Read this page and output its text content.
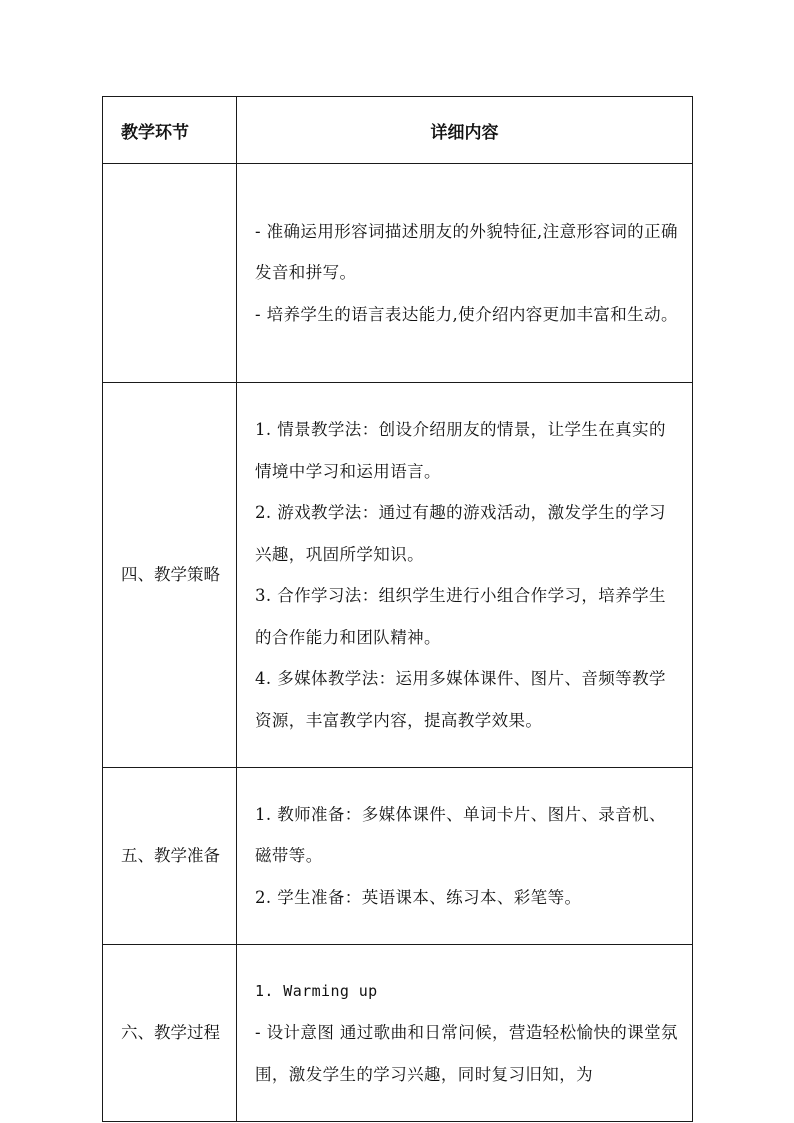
教学环节	详细内容

	- 准确运用形容词描述朋友的外貌特征,注意形容词的正确发音和拼写。

- 培养学生的语言表达能力,使介绍内容更加丰富和生动。

四、教学策略	1. 情景教学法：创设介绍朋友的情景，让学生在真实的情境中学习和运用语言。

2. 游戏教学法：通过有趣的游戏活动，激发学生的学习兴趣，巩固所学知识。

3. 合作学习法：组织学生进行小组合作学习，培养学生的合作能力和团队精神。

4. 多媒体教学法：运用多媒体课件、图片、音频等教学资源，丰富教学内容，提高教学效果。

五、教学准备	1. 教师准备：多媒体课件、单词卡片、图片、录音机、磁带等。

2. 学生准备：英语课本、练习本、彩笔等。

六、教学过程	1. Warming up

- 设计意图 通过歌曲和日常问候，营造轻松愉快的课堂氛围，激发学生的学习兴趣，同时复习旧知，为
